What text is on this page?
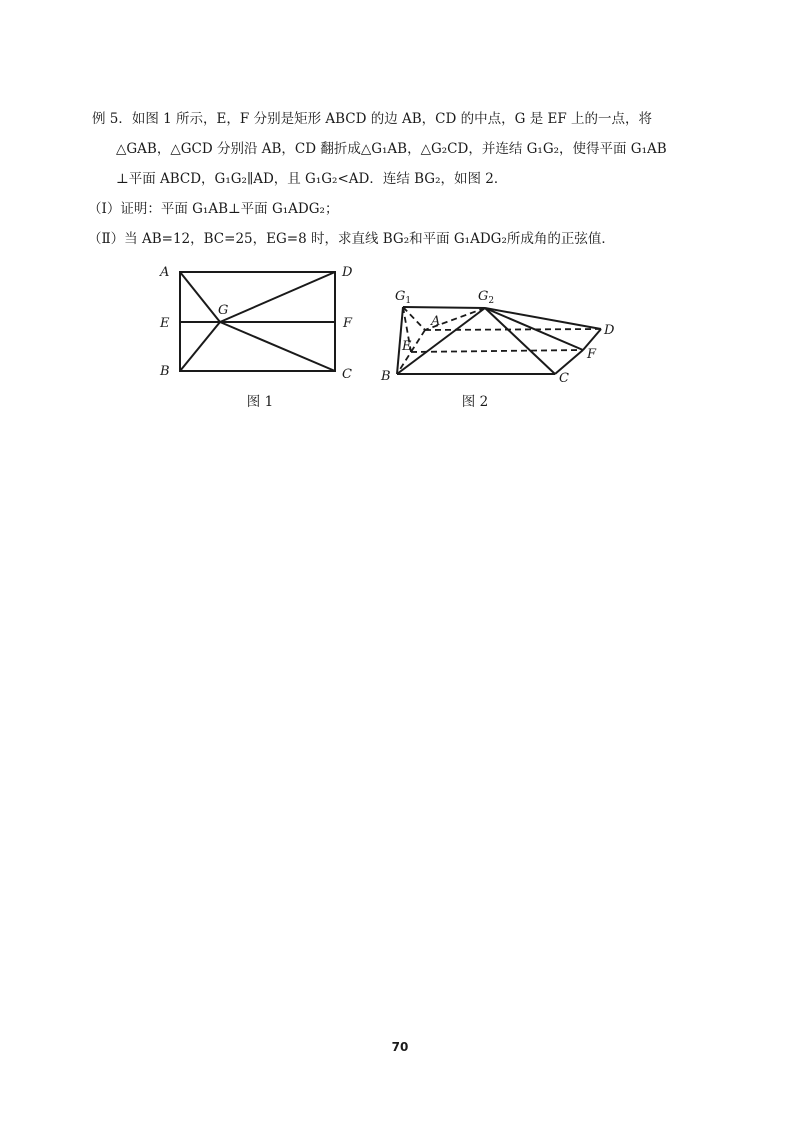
例 5．如图 1 所示，E，F 分别是矩形 ABCD 的边 AB，CD 的中点，G 是 EF 上的一点，将
△GAB，△GCD 分别沿 AB，CD 翻折成△G₁AB，△G₂CD，并连结 G₁G₂，使得平面 G₁AB
⊥平面 ABCD，G₁G₂∥AD，且 G₁G₂<AD．连结 BG₂，如图 2．
（Ⅰ）证明：平面 G₁AB⊥平面 G₁ADG₂；
（Ⅱ）当 AB=12，BC=25，EG=8 时，求直线 BG₂和平面 G₁ADG₂所成角的正弦值．
A	D
E	F
B	C
G
$G_1$	$G_2$
A
D
E
F
B	C
图 1	图 2
70
